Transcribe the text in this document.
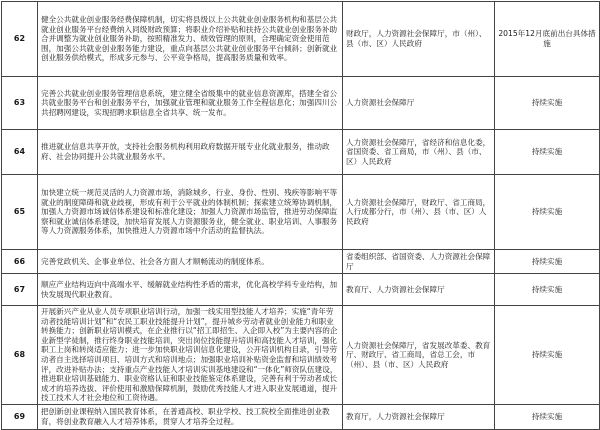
62	健全公共就业创业服务经费保障机制，切实将县级以上公共就业创业服务机构和基层公共就业创业服务平台经费纳入同级财政预算；将职业介绍补贴和扶持公共就业创业服务补助合并调整为就业创业服务补助，按照精准发力、绩效管理的原则，合理确定资金使用范围，加强公共就业创业服务能力建设，重点向基层公共就业创业服务平台倾斜；创新就业创业服务供给模式，形成多元参与、公平竞争格局，提高服务质量和效率。	财政厅，人力资源社会保障厅，市（州）、县（市、区）人民政府	2015年12月底前出台具体措施
63	完善公共就业创业服务管理信息系统，建立健全省级集中的就业信息资源库，搭建全省公共就业服务平台和创业服务平台，加强就业管理和就业服务工作全程信息化；加强四川公共招聘网建设，实现招聘求职信息全省共享、统一发布。	人力资源社会保障厅	持续实施
64	推进就业信息共享开放，支持社会服务机构利用政府数据开展专业化就业服务，推动政府、社会协同提升公共就业服务水平。	人力资源社会保障厅，省经济和信息化委，省国资委、省工商局，市（州）、县（市、区）人民政府	持续实施
65	加快建立统一规范灵活的人力资源市场，消除城乡、行业、身份、性别、残疾等影响平等就业的制度障碍和就业歧视，形成有利于公平就业的体制机制；探索建立统筹协调机制，加强人力资源市场诚信体系建设和标准化建设；加强人力资源市场监管，推进劳动保障监察和就业诚信体系建设，加快培育发展人力资源服务业，健全就业、职业培训、人事服务等人力资源服务体系，加快推进人力资源市场中介活动的监督执法。	人力资源社会保障厅，财政厅、省工商局，人行成都分行，市（州）、县（市、区）人民政府	持续实施
66	完善党政机关、企事业单位、社会各方面人才顺畅流动的制度体系。	省委组织部、省国资委、人力资源社会保障厅	持续实施
67	顺应产业结构迈向中高端水平、缓解就业结构性矛盾的需求，优化高校学科专业结构，加快发展现代职业教育。	教育厅、人力资源社会保障厅	持续实施
68	开展新兴产业从业人员专项职业培训行动，加强一线实用型技能人才培养；实施“青年劳动者技能培训计划”和“农民工职业技能提升计划”，提升城乡劳动者就业创业能力和职业转换能力；创新职业培训模式，在企业推行以“招工即招生、入企即入校”为主要内容的企业新型学徒制，推行终身职业技能培训，突出岗位技能提升培训和高技能人才培训，强化职工上岗和转岗适应能力；进一步加快职业培训信息化建设，公开培训机构目录，引导劳动者自主选择培训项目、培训方式和培训地点；加强职业培训补贴资金监督和培训绩效考评，改进补贴办法；支持重点产业技能人才培训实训基地建设和“一体化”师资队伍建设，推进职业培训基础能力、职业资格认证和职业技能鉴定体系建设，完善有利于劳动者成长成才的培养选拔、评价使用和激励保障机制，鼓励优秀技能人才进入职业发展通道，提升技工技术人才社会地位和工资待遇。	人力资源社会保障厅，省发展改革委、教育厅、财政厅、省工商局，省总工会，市（州）、县（市、区）人民政府	持续实施
69	把创新创业课程纳入国民教育体系，在普通高校、职业学校、技工院校全面推进创业教育，将创业教育融入人才培养体系，贯穿人才培养全过程。	教育厅，人力资源社会保障厅	持续实施
